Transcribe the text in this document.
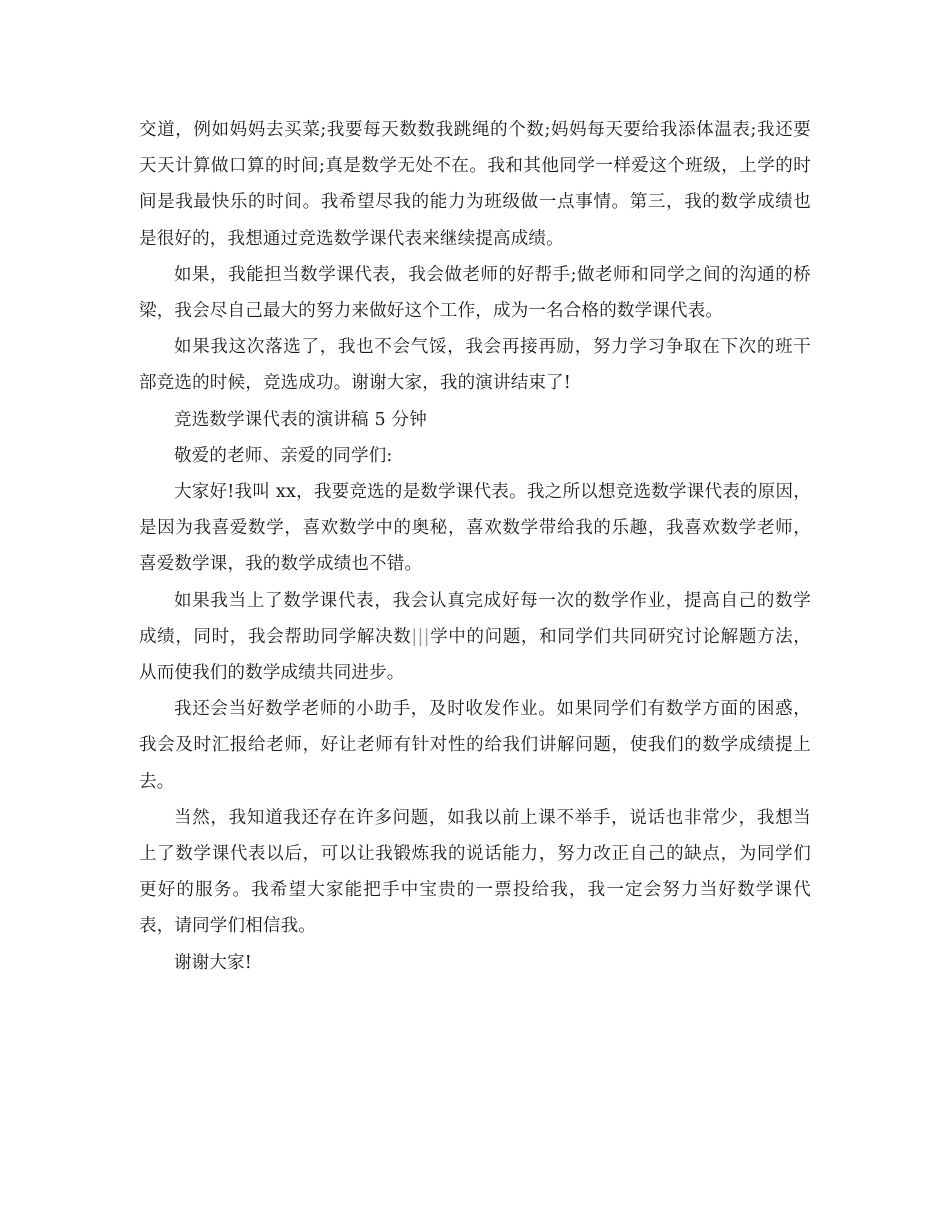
交道，例如妈妈去买菜;我要每天数数我跳绳的个数;妈妈每天要给我添体温表;我还要天天计算做口算的时间;真是数学无处不在。我和其他同学一样爱这个班级，上学的时间是我最快乐的时间。我希望尽我的能力为班级做一点事情。第三，我的数学成绩也是很好的，我想通过竞选数学课代表来继续提高成绩。

如果，我能担当数学课代表，我会做老师的好帮手;做老师和同学之间的沟通的桥梁，我会尽自己最大的努力来做好这个工作，成为一名合格的数学课代表。

如果我这次落选了，我也不会气馁，我会再接再励，努力学习争取在下次的班干部竞选的时候，竞选成功。谢谢大家，我的演讲结束了!

竞选数学课代表的演讲稿 5 分钟

敬爱的老师、亲爱的同学们:

大家好!我叫 xx，我要竞选的是数学课代表。我之所以想竞选数学课代表的原因，是因为我喜爱数学，喜欢数学中的奥秘，喜欢数学带给我的乐趣，我喜欢数学老师，喜爱数学课，我的数学成绩也不错。

如果我当上了数学课代表，我会认真完成好每一次的数学作业，提高自己的数学成绩，同时，我会帮助同学解决数|||学中的问题，和同学们共同研究讨论解题方法，从而使我们的数学成绩共同进步。

我还会当好数学老师的小助手，及时收发作业。如果同学们有数学方面的困惑，我会及时汇报给老师，好让老师有针对性的给我们讲解问题，使我们的数学成绩提上去。

当然，我知道我还存在许多问题，如我以前上课不举手，说话也非常少，我想当上了数学课代表以后，可以让我锻炼我的说话能力，努力改正自己的缺点，为同学们更好的服务。我希望大家能把手中宝贵的一票投给我，我一定会努力当好数学课代表，请同学们相信我。

谢谢大家!
